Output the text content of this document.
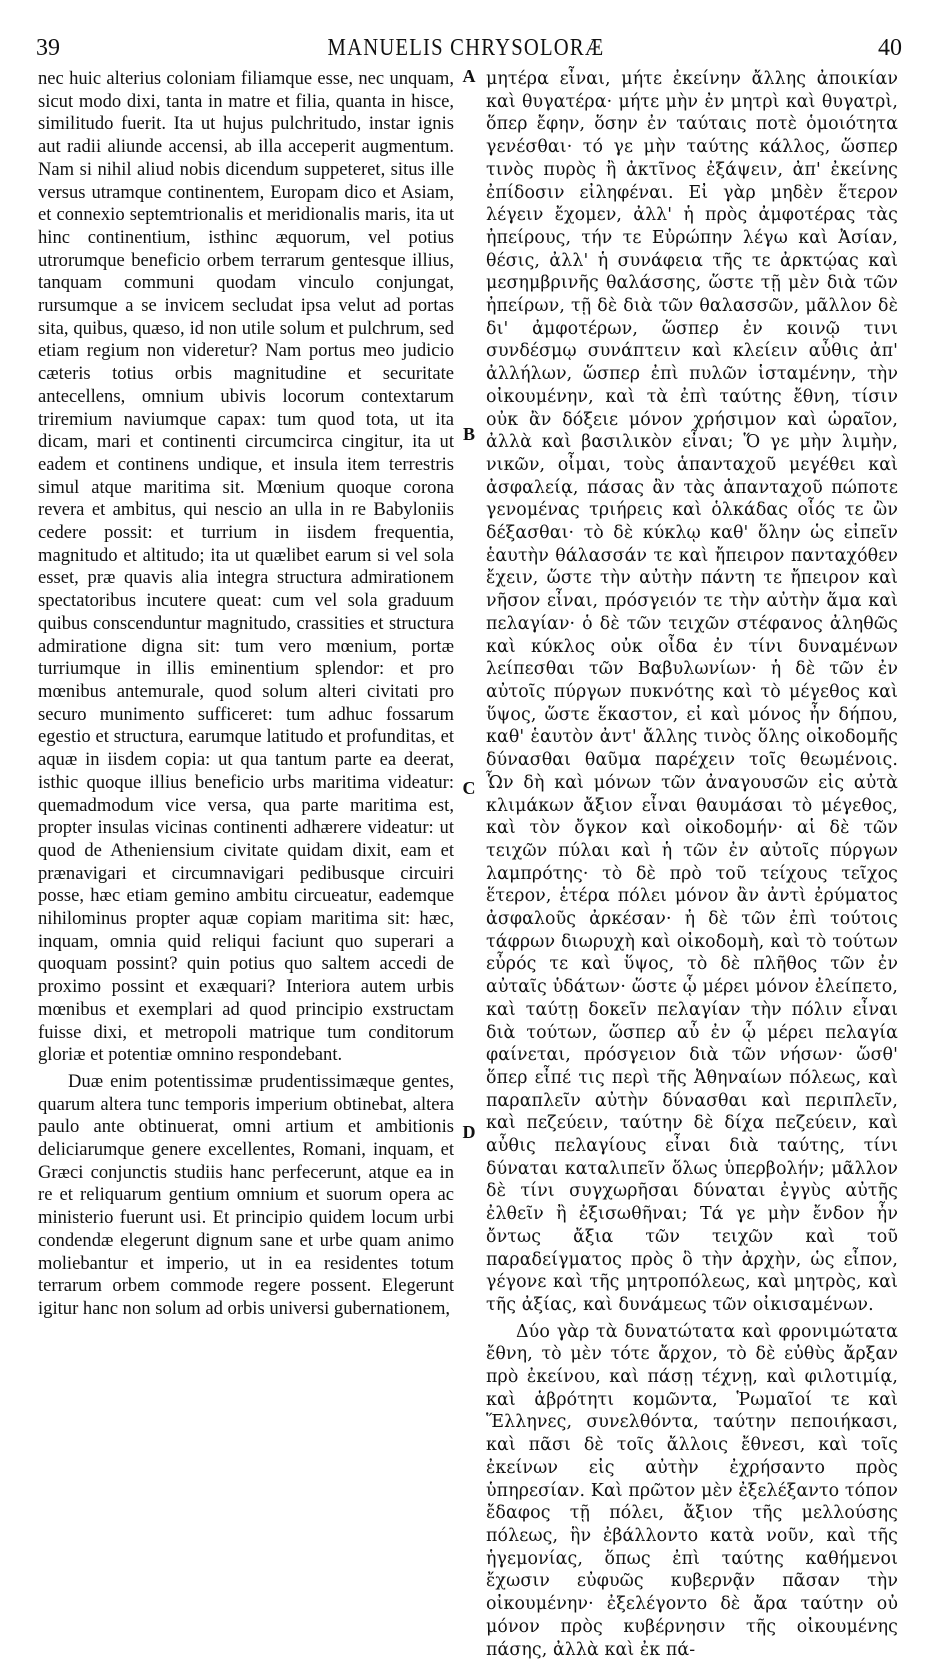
39	MANUELIS CHRYSOLORÆ	40

nec huic alterius coloniam filiamque esse, nec unquam, sicut modo dixi, tanta in matre et filia, quanta in hisce, similitudo fuerit. Ita ut hujus pulchritudo, instar ignis aut radii aliunde accensi, ab illa acceperit augmentum. Nam si nihil aliud nobis dicendum suppeteret, situs ille versus utramque continentem, Europam dico et Asiam, et connexio septemtrionalis et meridionalis maris, ita ut hinc continentium, isthinc æquorum, vel potius utrorumque beneficio orbem terrarum gentesque illius, tanquam communi quodam vinculo conjungat, rursumque a se invicem secludat ipsa velut ad portas sita, quibus, quæso, id non utile solum et pulchrum, sed etiam regium non videretur? Nam portus meo judicio cæteris totius orbis magnitudine et securitate antecellens, omnium ubivis locorum contextarum triremium naviumque capax: tum quod tota, ut ita dicam, mari et continenti circumcirca cingitur, ita ut eadem et continens undique, et insula item terrestris simul atque maritima sit. Mœnium quoque corona revera et ambitus, qui nescio an ulla in re Babyloniis cedere possit: et turrium in iisdem frequentia, magnitudo et altitudo; ita ut quælibet earum si vel sola esset, præ quavis alia integra structura admirationem spectatoribus incutere queat: cum vel sola graduum quibus conscenduntur magnitudo, crassities et structura admiratione digna sit: tum vero mœnium, portæ turriumque in illis eminentium splendor: et pro mœnibus antemurale, quod solum alteri civitati pro securo munimento sufficeret: tum adhuc fossarum egestio et structura, earumque latitudo et profunditas, et aquæ in iisdem copia: ut qua tantum parte ea deerat, isthic quoque illius beneficio urbs maritima videatur: quemadmodum vice versa, qua parte maritima est, propter insulas vicinas continenti adhærere videatur: ut quod de Atheniensium civitate quidam dixit, eam et prænavigari et circumnavigari pedibusque circuiri posse, hæc etiam gemino ambitu circueatur, eademque nihilominus propter aquæ copiam maritima sit: hæc, inquam, omnia quid reliqui faciunt quo superari a quoquam possint? quin potius quo saltem accedi de proximo possint et exæquari? Interiora autem urbis mœnibus et exemplari ad quod principio exstructam fuisse dixi, et metropoli matrique tum conditorum gloriæ et potentiæ omnino respondebant.

Duæ enim potentissimæ prudentissimæque gentes, quarum altera tunc temporis imperium obtinebat, altera paulo ante obtinuerat, omni artium et ambitionis deliciarumque genere excellentes, Romani, inquam, et Græci conjunctis studiis hanc perfecerunt, atque ea in re et reliquarum gentium omnium et suorum opera ac ministerio fuerunt usi. Et principio quidem locum urbi condendæ elegerunt dignum sane et urbe quam animo moliebantur et imperio, ut in ea residentes totum terrarum orbem commode regere possent. Elegerunt igitur hanc non solum ad orbis universi gubernationem,

μητέρα εἶναι, μήτε ἐκείνην ἄλλης ἀποικίαν καὶ θυγατέρα· μήτε μὴν ἐν μητρὶ καὶ θυγατρὶ, ὅπερ ἔφην, ὅσην ἐν ταύταις ποτὲ ὁμοιότητα γενέσθαι· τό γε μὴν ταύτης κάλλος, ὥσπερ τινὸς πυρὸς ἢ ἀκτῖνος ἐξάψειν, ἀπ' ἐκείνης ἐπίδοσιν εἰληφέναι. Εἰ γὰρ μηδὲν ἕτερον λέγειν ἔχομεν, ἀλλ' ἡ πρὸς ἀμφοτέρας τὰς ἠπείρους, τήν τε Εὐρώπην λέγω καὶ Ἀσίαν, θέσις, ἀλλ' ἡ συνάφεια τῆς τε ἀρκτῴας καὶ μεσημβρινῆς θαλάσσης, ὥστε τῇ μὲν διὰ τῶν ἠπείρων, τῇ δὲ διὰ τῶν θαλασσῶν, μᾶλλον δὲ δι' ἀμφοτέρων, ὥσπερ ἐν κοινῷ τινι συνδέσμῳ συνάπτειν καὶ κλείειν αὖθις ἀπ' ἀλλήλων, ὥσπερ ἐπὶ πυλῶν ἱσταμένην, τὴν οἰκουμένην, καὶ τὰ ἐπὶ ταύτης ἔθνη, τίσιν οὐκ ἂν δόξειε μόνον χρήσιμον καὶ ὡραῖον, ἀλλὰ καὶ βασιλικὸν εἶναι; Ὅ γε μὴν λιμὴν, νικῶν, οἶμαι, τοὺς ἁπανταχοῦ μεγέθει καὶ ἀσφαλείᾳ, πάσας ἂν τὰς ἁπανταχοῦ πώποτε γενομένας τριήρεις καὶ ὁλκάδας οἷός τε ὢν δέξασθαι· τὸ δὲ κύκλῳ καθ' ὅλην ὡς εἰπεῖν ἑαυτὴν θάλασσάν τε καὶ ἤπειρον πανταχόθεν ἔχειν, ὥστε τὴν αὐτὴν πάντη τε ἤπειρον καὶ νῆσον εἶναι, πρόσγειόν τε τὴν αὐτὴν ἅμα καὶ πελαγίαν· ὁ δὲ τῶν τειχῶν στέφανος ἀληθῶς καὶ κύκλος οὐκ οἶδα ἐν τίνι δυναμένων λείπεσθαι τῶν Βαβυλωνίων· ἡ δὲ τῶν ἐν αὐτοῖς πύργων πυκνότης καὶ τὸ μέγεθος καὶ ὕψος, ὥστε ἕκαστον, εἰ καὶ μόνος ἦν δήπου, καθ' ἑαυτὸν ἀντ' ἄλλης τινὸς ὅλης οἰκοδομῆς δύνασθαι θαῦμα παρέχειν τοῖς θεωμένοις. Ὧν δὴ καὶ μόνων τῶν ἀναγουσῶν εἰς αὐτὰ κλιμάκων ἄξιον εἶναι θαυμάσαι τὸ μέγεθος, καὶ τὸν ὄγκον καὶ οἰκοδομήν· αἱ δὲ τῶν τειχῶν πύλαι καὶ ἡ τῶν ἐν αὐτοῖς πύργων λαμπρότης· τὸ δὲ πρὸ τοῦ τείχους τεῖχος ἕτερον, ἑτέρα πόλει μόνον ἂν ἀντὶ ἐρύματος ἀσφαλοῦς ἀρκέσαν· ἡ δὲ τῶν ἐπὶ τούτοις τάφρων διωρυχὴ καὶ οἰκοδομὴ, καὶ τὸ τούτων εὖρός τε καὶ ὕψος, τὸ δὲ πλῆθος τῶν ἐν αὐταῖς ὑδάτων· ὥστε ᾧ μέρει μόνον ἐλείπετο, καὶ ταύτῃ δοκεῖν πελαγίαν τὴν πόλιν εἶναι διὰ τούτων, ὥσπερ αὖ ἐν ᾧ μέρει πελαγία φαίνεται, πρόσγειον διὰ τῶν νήσων· ὥσθ' ὅπερ εἶπέ τις περὶ τῆς Ἀθηναίων πόλεως, καὶ παραπλεῖν αὐτὴν δύνασθαι καὶ περιπλεῖν, καὶ πεζεύειν, ταύτην δὲ δίχα πεζεύειν, καὶ αὖθις πελαγίους εἶναι διὰ ταύτης, τίνι δύναται καταλιπεῖν ὅλως ὑπερβολήν; μᾶλλον δὲ τίνι συγχωρῆσαι δύναται ἐγγὺς αὐτῆς ἐλθεῖν ἢ ἐξισωθῆναι; Τά γε μὴν ἔνδον ἦν ὄντως ἄξια τῶν τειχῶν καὶ τοῦ παραδείγματος πρὸς ὃ τὴν ἀρχὴν, ὡς εἶπον, γέγονε καὶ τῆς μητροπόλεως, καὶ μητρὸς, καὶ τῆς ἀξίας, καὶ δυνάμεως τῶν οἰκισαμένων.

Δύο γὰρ τὰ δυνατώτατα καὶ φρονιμώτατα ἔθνη, τὸ μὲν τότε ἄρχον, τὸ δὲ εὐθὺς ἄρξαν πρὸ ἐκείνου, καὶ πάσῃ τέχνῃ, καὶ φιλοτιμίᾳ, καὶ ἁβρότητι κομῶντα, Ῥωμαῖοί τε καὶ Ἕλληνες, συνελθόντα, ταύτην πεποιήκασι, καὶ πᾶσι δὲ τοῖς ἄλλοις ἔθνεσι, καὶ τοῖς ἐκείνων εἰς αὐτὴν ἐχρήσαντο πρὸς ὑπηρεσίαν. Καὶ πρῶτον μὲν ἐξελέξαντο τόπον ἔδαφος τῇ πόλει, ἄξιον τῆς μελλούσης πόλεως, ἣν ἐβάλλοντο κατὰ νοῦν, καὶ τῆς ἡγεμονίας, ὅπως ἐπὶ ταύτης καθήμενοι ἔχωσιν εὐφυῶς κυβερνᾷν πᾶσαν τὴν οἰκουμένην· ἐξελέγοντο δὲ ἄρα ταύτην οὐ μόνον πρὸς κυβέρνησιν τῆς οἰκουμένης πάσης, ἀλλὰ καὶ ἐκ πά-

A
B
C
D
